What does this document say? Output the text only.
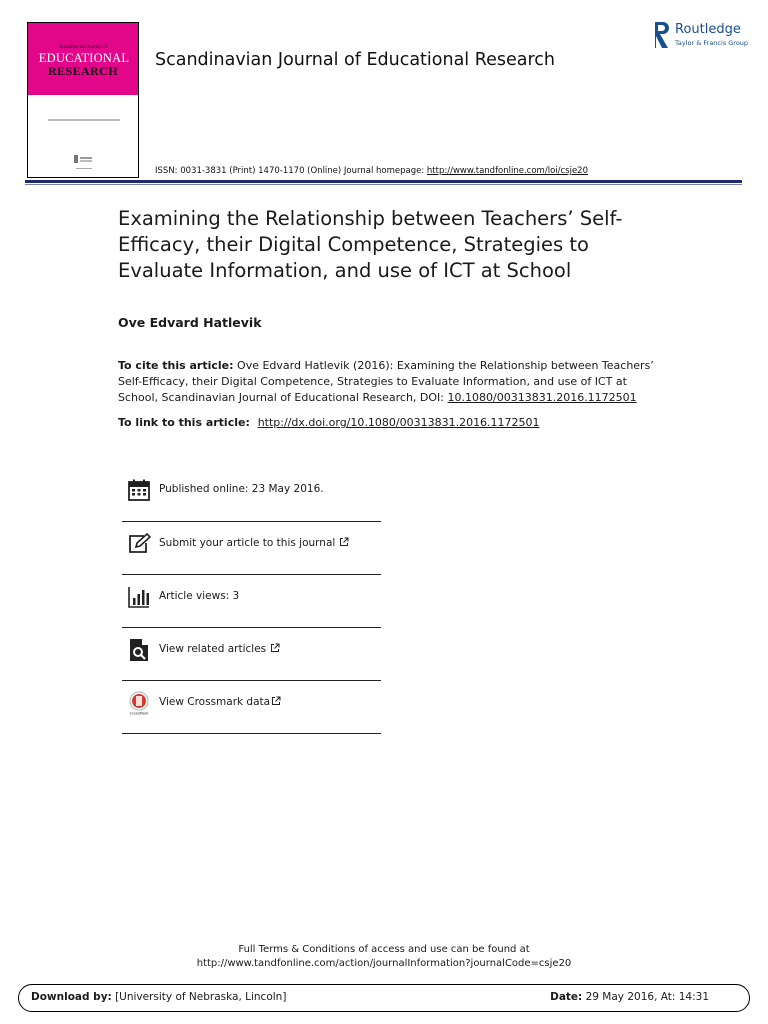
Scandinavian Journal of
EDUCATIONAL
RESEARCH
Scandinavian Journal of Educational Research
Routledge
Taylor & Francis Group
ISSN: 0031-3831 (Print) 1470-1170 (Online) Journal homepage: http://www.tandfonline.com/loi/csje20
Examining the Relationship between Teachers’ Self-Efficacy, their Digital Competence, Strategies to Evaluate Information, and use of ICT at School
Ove Edvard Hatlevik
To cite this article: Ove Edvard Hatlevik (2016): Examining the Relationship between Teachers’ Self-Efficacy, their Digital Competence, Strategies to Evaluate Information, and use of ICT at School, Scandinavian Journal of Educational Research, DOI: 10.1080/00313831.2016.1172501
To link to this article: http://dx.doi.org/10.1080/00313831.2016.1172501
Published online: 23 May 2016.
Submit your article to this journal
Article views: 3
View related articles
CrossMark
View Crossmark data
Full Terms & Conditions of access and use can be found at
http://www.tandfonline.com/action/journalInformation?journalCode=csje20
Download by: [University of Nebraska, Lincoln]	Date: 29 May 2016, At: 14:31
